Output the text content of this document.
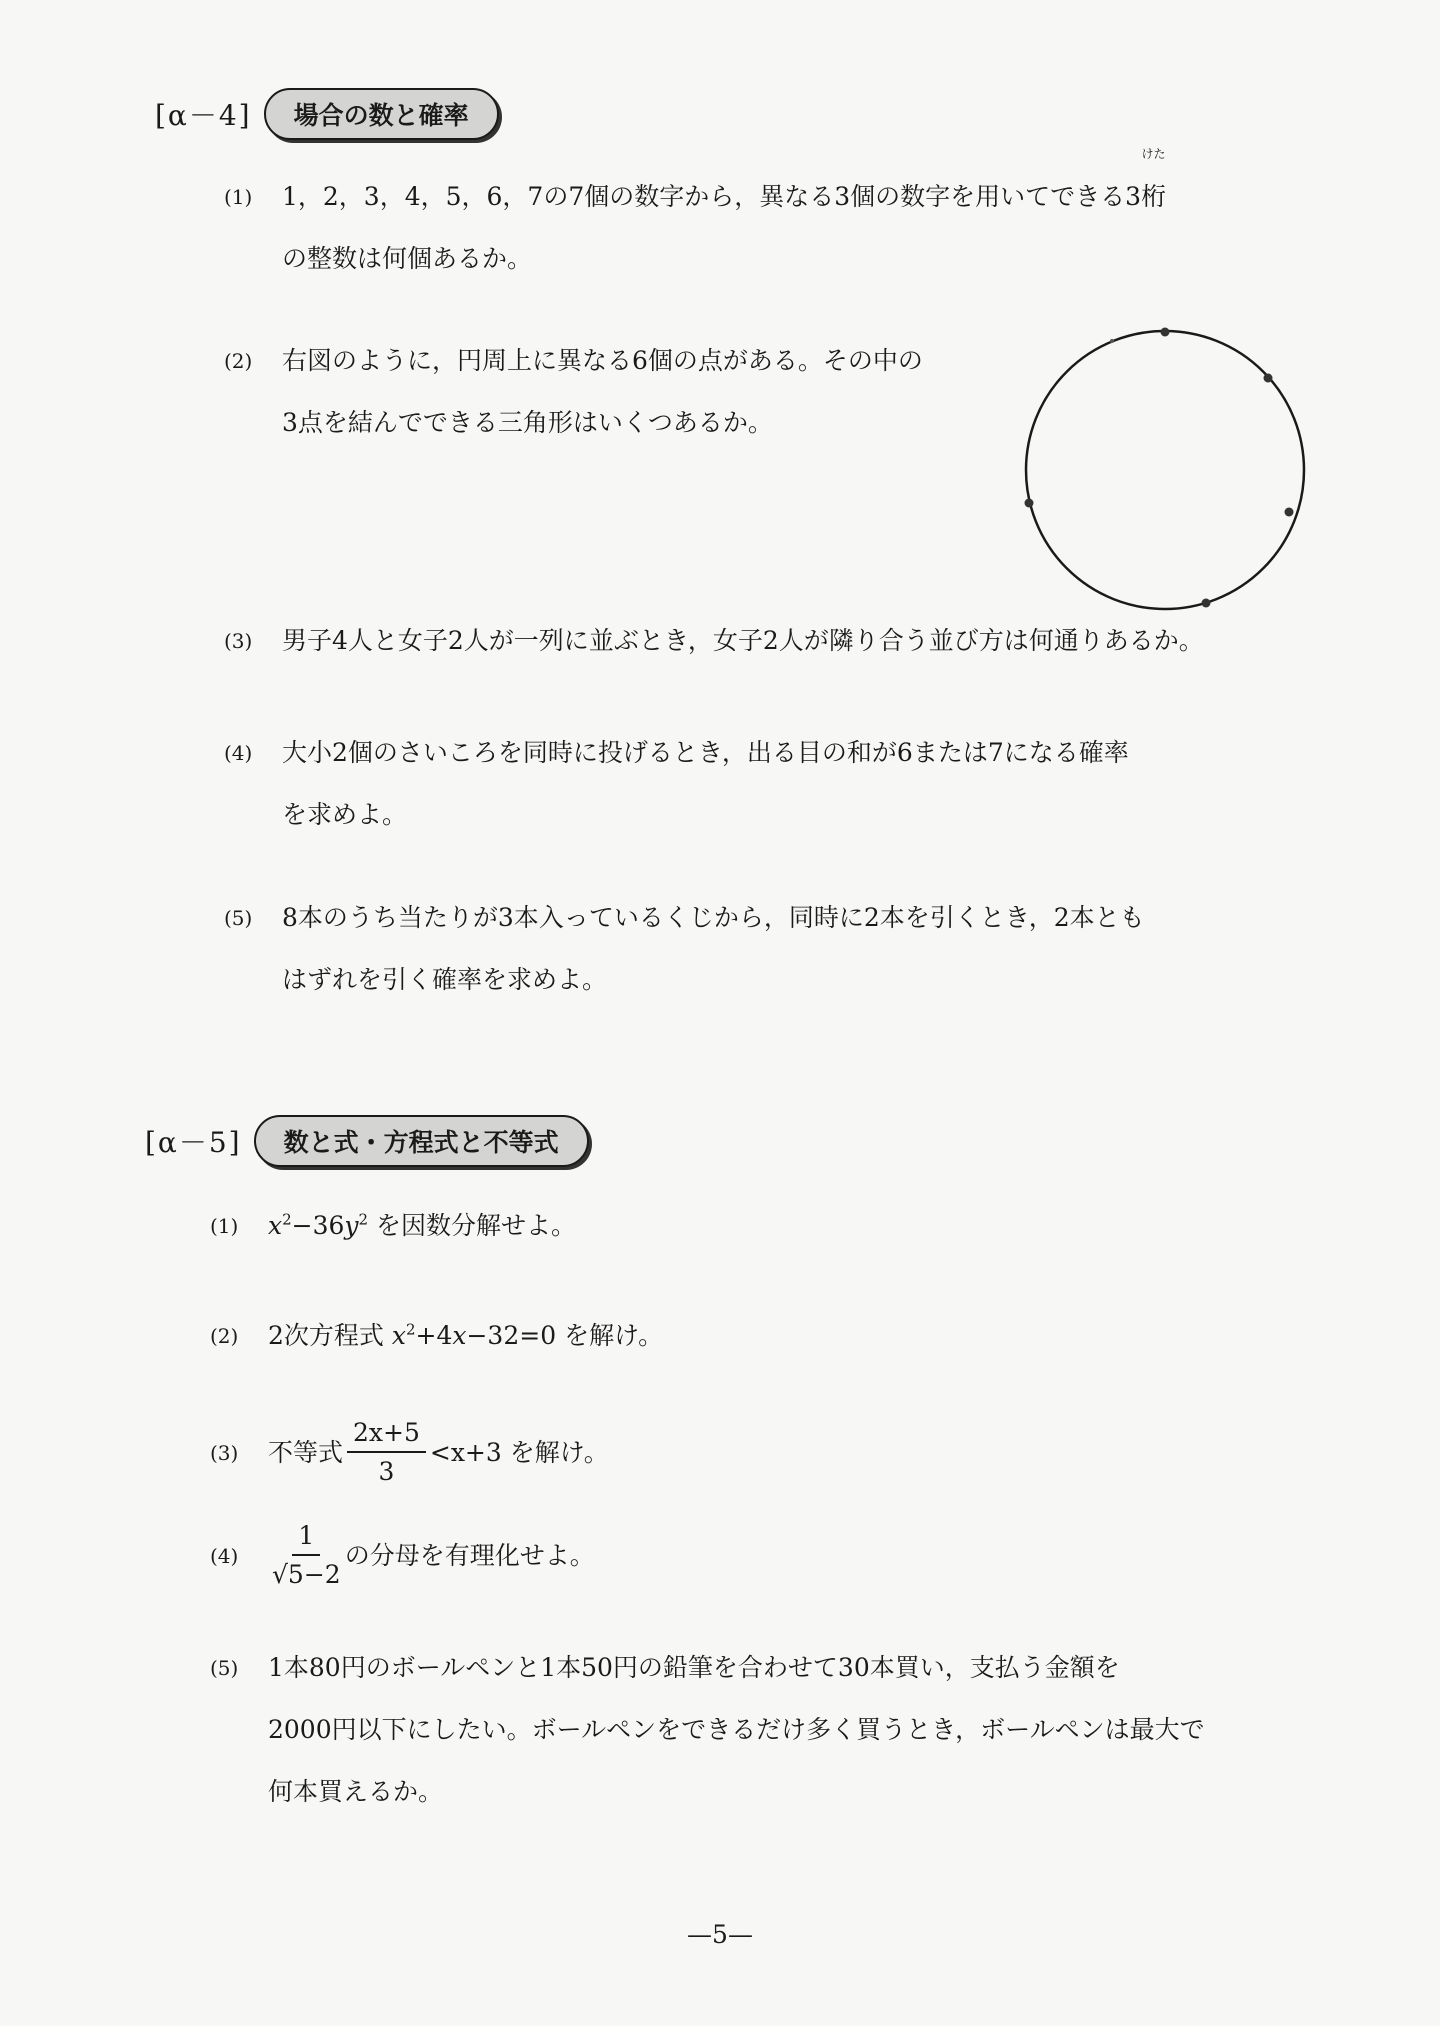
[α－4]	場合の数と確率
(1) 1，2，3，4，5，6，7の7個の数字から，異なる3個の数字を用いてできる3
けた
桁
の整数は何個あるか。
(2) 右図のように，円周上に異なる6個の点がある。その中の
3点を結んでできる三角形はいくつあるか。
(3) 男子4人と女子2人が一列に並ぶとき，女子2人が隣り合う並び方は何通りあるか。
(4) 大小2個のさいころを同時に投げるとき，出る目の和が6または7になる確率
を求めよ。
(5) 8本のうち当たりが3本入っているくじから，同時に2本を引くとき，2本とも
はずれを引く確率を求めよ。
[α－5]	数と式・方程式と不等式
(1) $x^2-36y^2$ を因数分解せよ。
(2) 2次方程式 $x^2+4x-32=0$ を解け。
(3) 不等式 $\frac{2x+5}{3} <x+3$
を解け。
$(4) \frac{1}{√5-2}$ の分母を有理化せよ。
(5) 1本80円のボールペンと1本50円の鉛筆を合わせて30本買い，支払う金額を
2000円以下にしたい。ボールペンをできるだけ多く買うとき，ボールペンは最大で
何本買えるか。
—5—
